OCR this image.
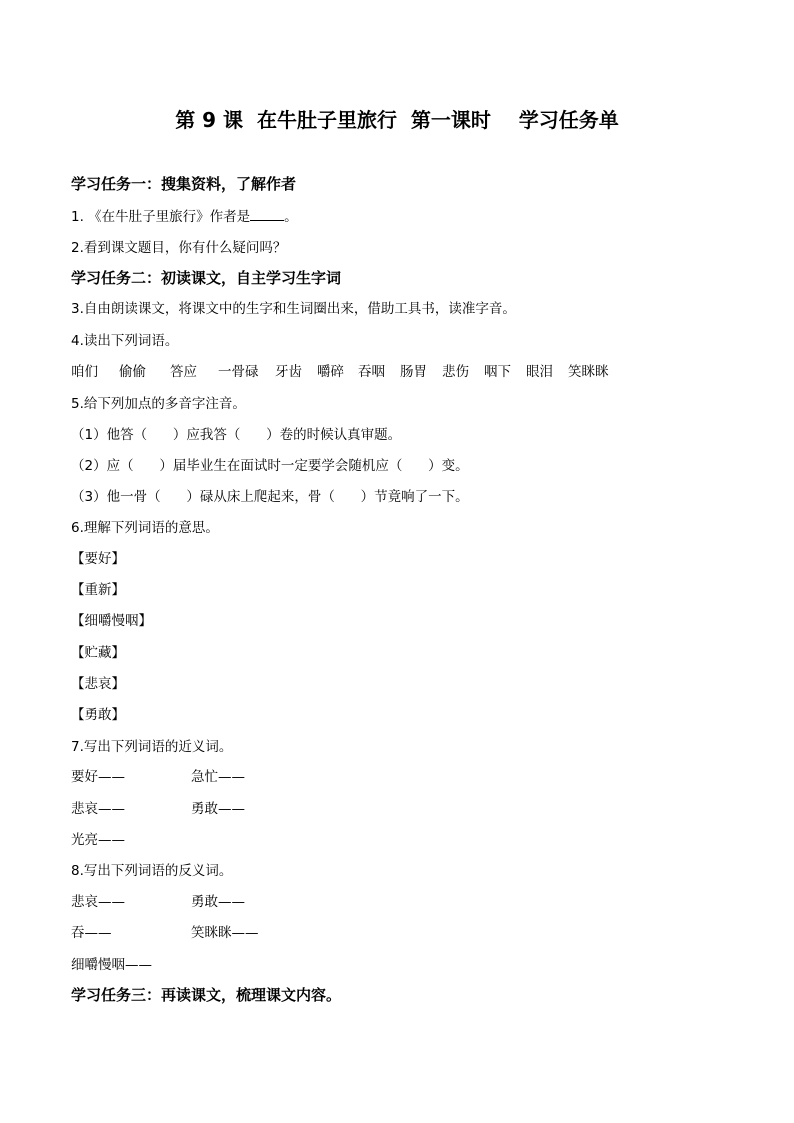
第 9 课  在牛肚子里旅行  第一课时    学习任务单
学习任务一：搜集资料，了解作者
1. 《在牛肚子里旅行》作者是	。
2.看到课文题目，你有什么疑问吗？
学习任务二：初读课文，自主学习生字词
3.自由朗读课文，将课文中的生字和生词圈出来，借助工具书，读准字音。
4.读出下列词语。

咱们

偷偷

答应

一骨碌

牙齿

嚼碎

吞咽

肠胃

悲伤

咽下

眼泪

笑眯眯

5.给下列加点的多音字注音。
（1）他答（      ）应我答（      ）卷的时候认真审题。
（2）应（      ）届毕业生在面试时一定要学会随机应（      ）变。
（3）他一骨（      ）碌从床上爬起来，骨（      ）节竟响了一下。
6.理解下列词语的意思。
【要好】
【重新】
【细嚼慢咽】
【贮藏】
【悲哀】
【勇敢】
7.写出下列词语的近义词。
要好——	急忙——
悲哀——	勇敢——
光亮——
8.写出下列词语的反义词。
悲哀——	勇敢——
吞——	笑眯眯——
细嚼慢咽——
学习任务三：再读课文，梳理课文内容。
